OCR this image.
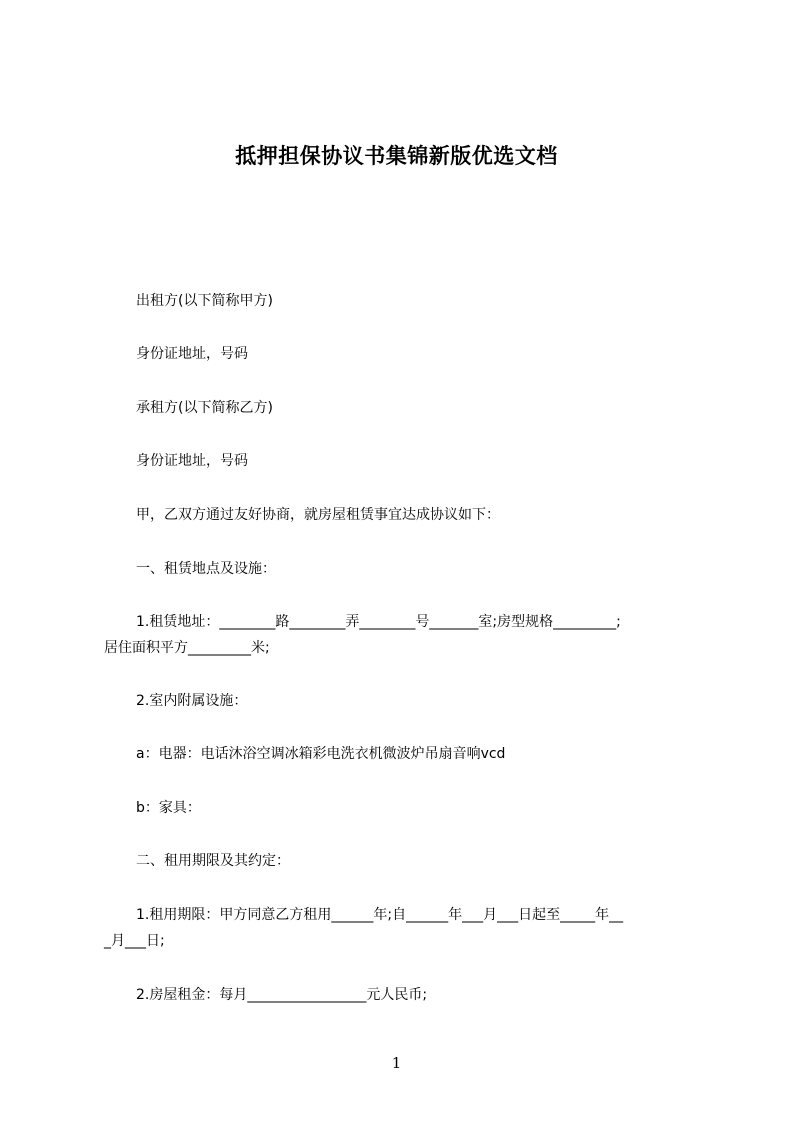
抵押担保协议书集锦新版优选文档
出租方(以下简称甲方)
身份证地址，号码
承租方(以下简称乙方)
身份证地址，号码
甲，乙双方通过友好协商，就房屋租赁事宜达成协议如下：
一、租赁地点及设施：
1.租赁地址：________路________弄________号_______室;房型规格_________;
居住面积平方_________米;
2.室内附属设施：
a：电器：电话沐浴空调冰箱彩电洗衣机微波炉吊扇音响vcd
b：家具：
二、租用期限及其约定：
1.租用期限：甲方同意乙方租用______年;自______年___月___日起至_____年__
_月___日;
2.房屋租金：每月_________________元人民币;
1
